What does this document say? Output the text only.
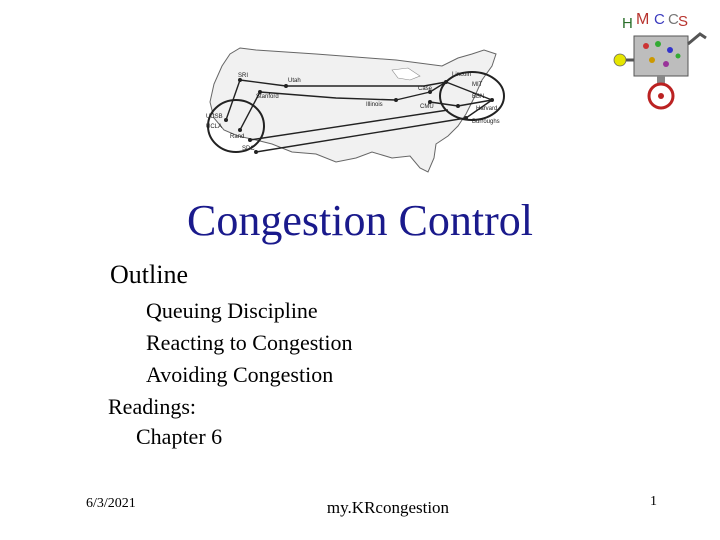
SRI
Utah
Stanford
Illinois
Case
CMU
Lincoln
MIT
BBN
Harvard
Burroughs
UCSB
UCLA
Rand
SDC
H M C C S
Congestion Control
Outline
Queuing Discipline
Reacting to Congestion
Avoiding Congestion
Readings:
Chapter 6
6/3/2021	my.KRcongestion	1
